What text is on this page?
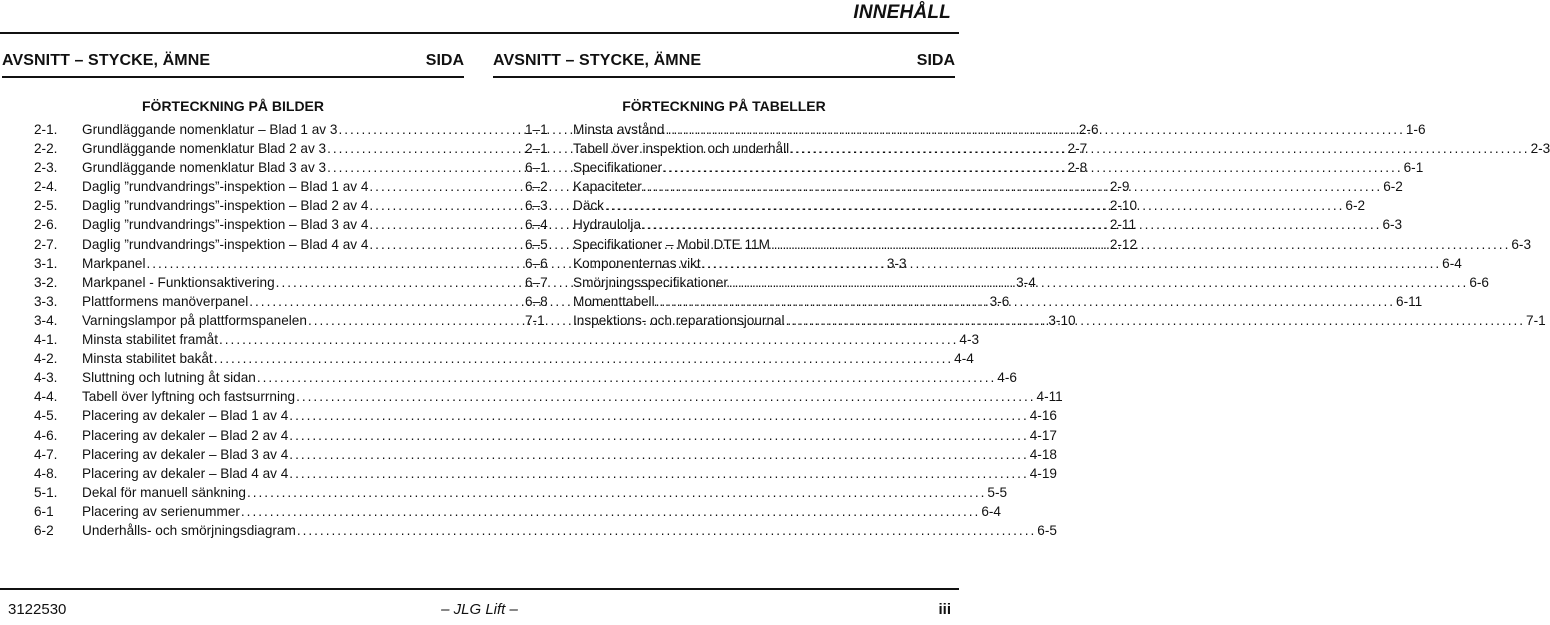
INNEHÅLL
AVSNITT – STYCKE, ÄMNE	SIDA
FÖRTECKNING PÅ BILDER
2-1.	Grundläggande nomenklatur – Blad 1 av 3 .....	2-6
2-2.	Grundläggande nomenklatur Blad 2 av 3 .....	2-7
2-3.	Grundläggande nomenklatur Blad 3 av 3 .....	2-8
2-4.	Daglig ”rundvandrings”-inspektion – Blad 1 av 4 .....	2-9
2-5.	Daglig ”rundvandrings”-inspektion – Blad 2 av 4 .....	2-10
2-6.	Daglig ”rundvandrings”-inspektion – Blad 3 av 4 .....	2-11
2-7.	Daglig ”rundvandrings”-inspektion – Blad 4 av 4 .....	2-12
3-1.	Markpanel .....	3-3
3-2.	Markpanel - Funktionsaktivering .....	3-4
3-3.	Plattformens manöverpanel .....	3-6
3-4.	Varningslampor på plattformspanelen .....	3-10
4-1.	Minsta stabilitet framåt .....	4-3
4-2.	Minsta stabilitet bakåt .....	4-4
4-3.	Sluttning och lutning åt sidan .....	4-6
4-4.	Tabell över lyftning och fastsurrning .....	4-11
4-5.	Placering av dekaler – Blad 1 av 4 .....	4-16
4-6.	Placering av dekaler – Blad 2 av 4 .....	4-17
4-7.	Placering av dekaler – Blad 3 av 4 .....	4-18
4-8.	Placering av dekaler – Blad 4 av 4 .....	4-19
5-1.	Dekal för manuell sänkning .....	5-5
6-1	Placering av serienummer .....	6-4
6-2	Underhålls- och smörjningsdiagram .....	6-5
AVSNITT – STYCKE, ÄMNE	SIDA
FÖRTECKNING PÅ TABELLER
1–1	Minsta avstånd .....	1-6
2–1	Tabell över inspektion och underhåll .....	2-3
6–1	Specifikationer .....	6-1
6–2	Kapaciteter .....	6-2
6–3	Däck .....	6-2
6–4	Hydraulolja .....	6-3
6–5	Specifikationer – Mobil DTE 11M .....	6-3
6–6	Komponenternas vikt .....	6-4
6–7	Smörjningsspecifikationer .....	6-6
6–8	Momenttabell .....	6-11
7-1	Inspektions- och reparationsjournal .....	7-1
3122530	– JLG Lift –	iii
